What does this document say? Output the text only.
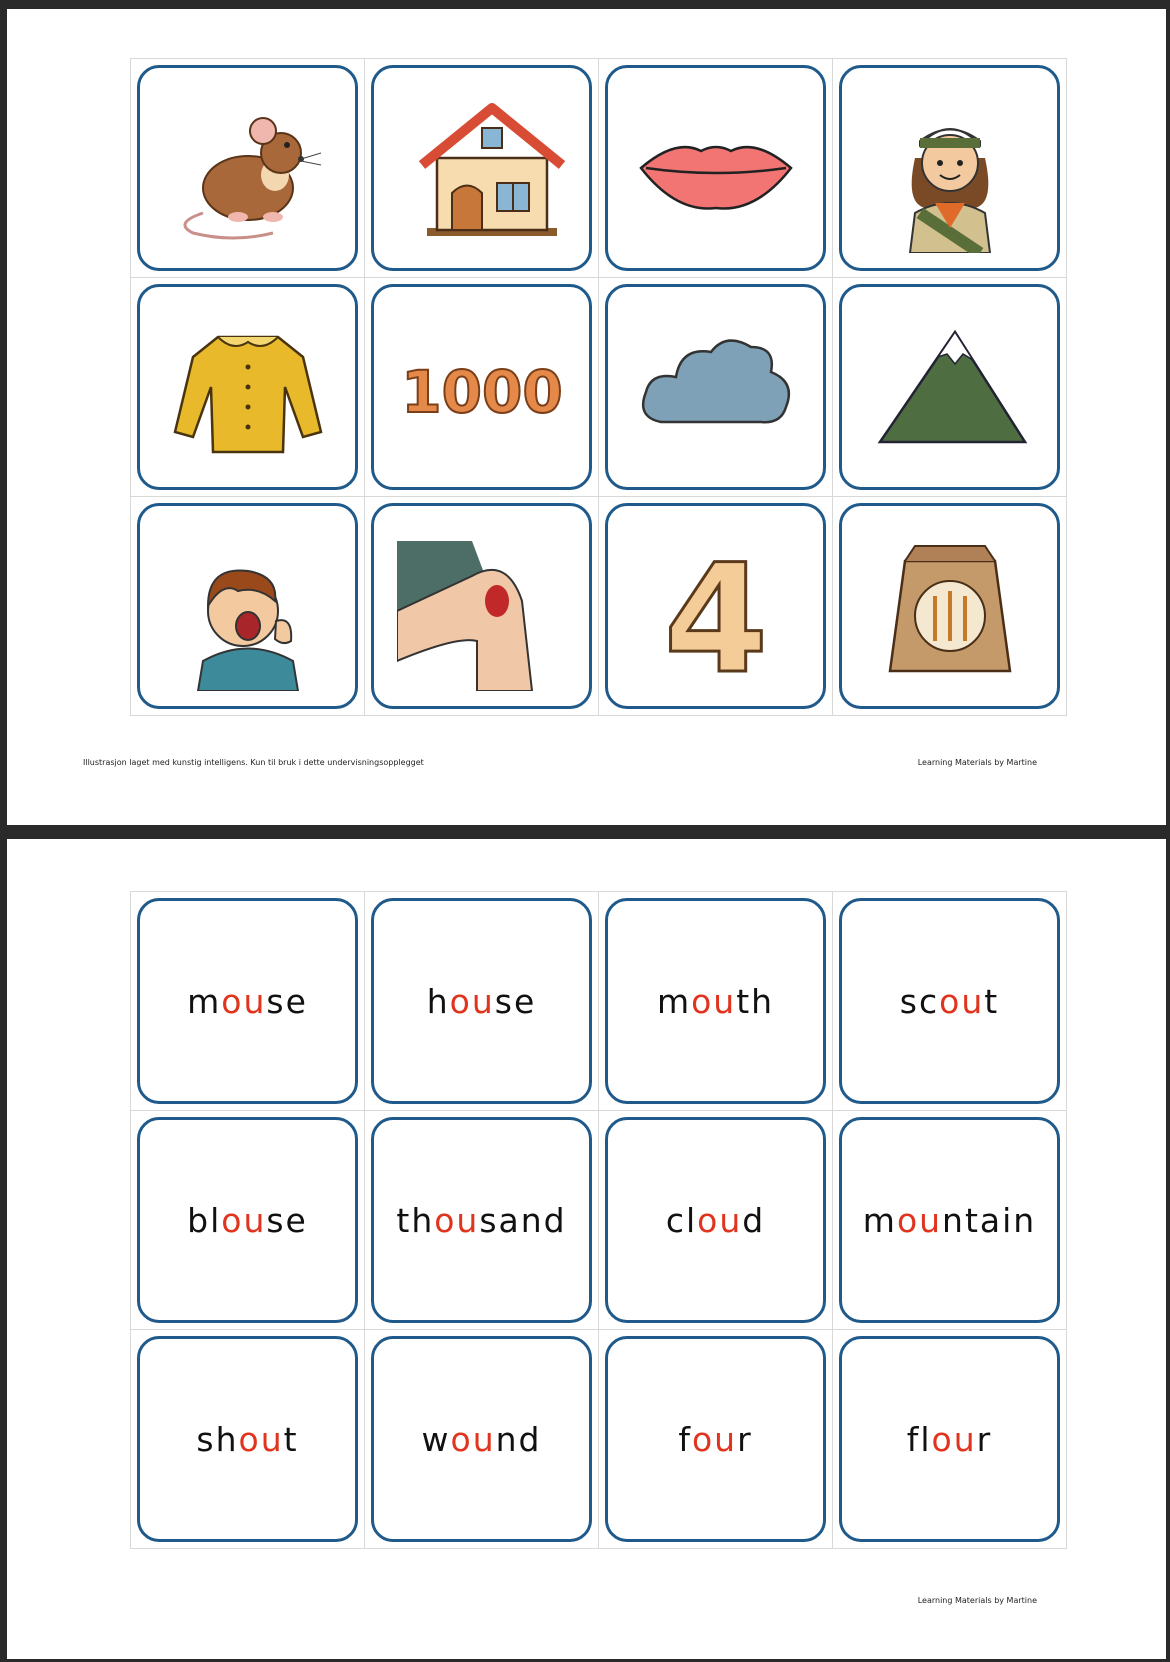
1000
4
Illustrasjon laget med kunstig intelligens. Kun til bruk i dette undervisningsopplegget	Learning Materials by Martine
mouse	house	mouth	scout
blouse	thousand	cloud	mountain
shout	wound	four	flour
Learning Materials by Martine
